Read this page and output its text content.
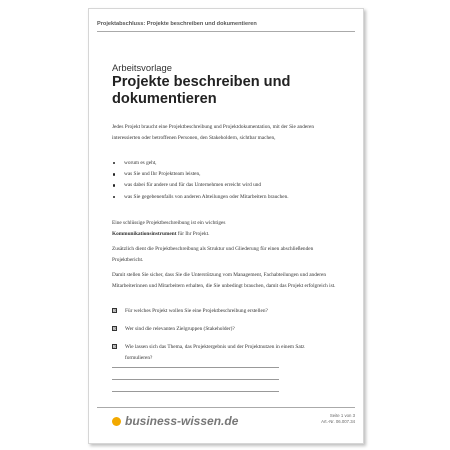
Projektabschluss: Projekte beschreiben und dokumentieren
Arbeitsvorlage
Projekte beschreiben und dokumentieren
Jedes Projekt braucht eine Projektbeschreibung und Projektdokumentation, mit der Sie anderen interessierten oder betroffenen Personen, den Stakeholdern, sichtbar machen,
worum es geht,
was Sie und Ihr Projektteam leisten,
was dabei für andere und für das Unternehmen erreicht wird und
was Sie gegebenenfalls von anderen Abteilungen oder Mitarbeitern brauchen.
Eine schlüssige Projektbeschreibung ist ein wichtiges
Kommunikationsinstrument für Ihr Projekt.
Zusätzlich dient die Projektbeschreibung als Struktur und Gliederung für einen abschließenden Projektbericht.
Damit stellen Sie sicher, dass Sie die Unterstützung vom Management, Fachabteilungen und anderen Mitarbeiterinnen und Mitarbeitern erhalten, die Sie unbedingt brauchen, damit das Projekt erfolgreich ist.
☒ Für welches Projekt wollen Sie eine Projektbeschreibung erstellen?
☒ Wer sind die relevanten Zielgruppen (Stakeholder)?
☒ Wie lassen sich das Thema, das Projektergebnis und der Projektnutzen in einem Satz formulieren?
business-wissen.de	Seite 1 von 3
Art.-Nr. 06.007.34
